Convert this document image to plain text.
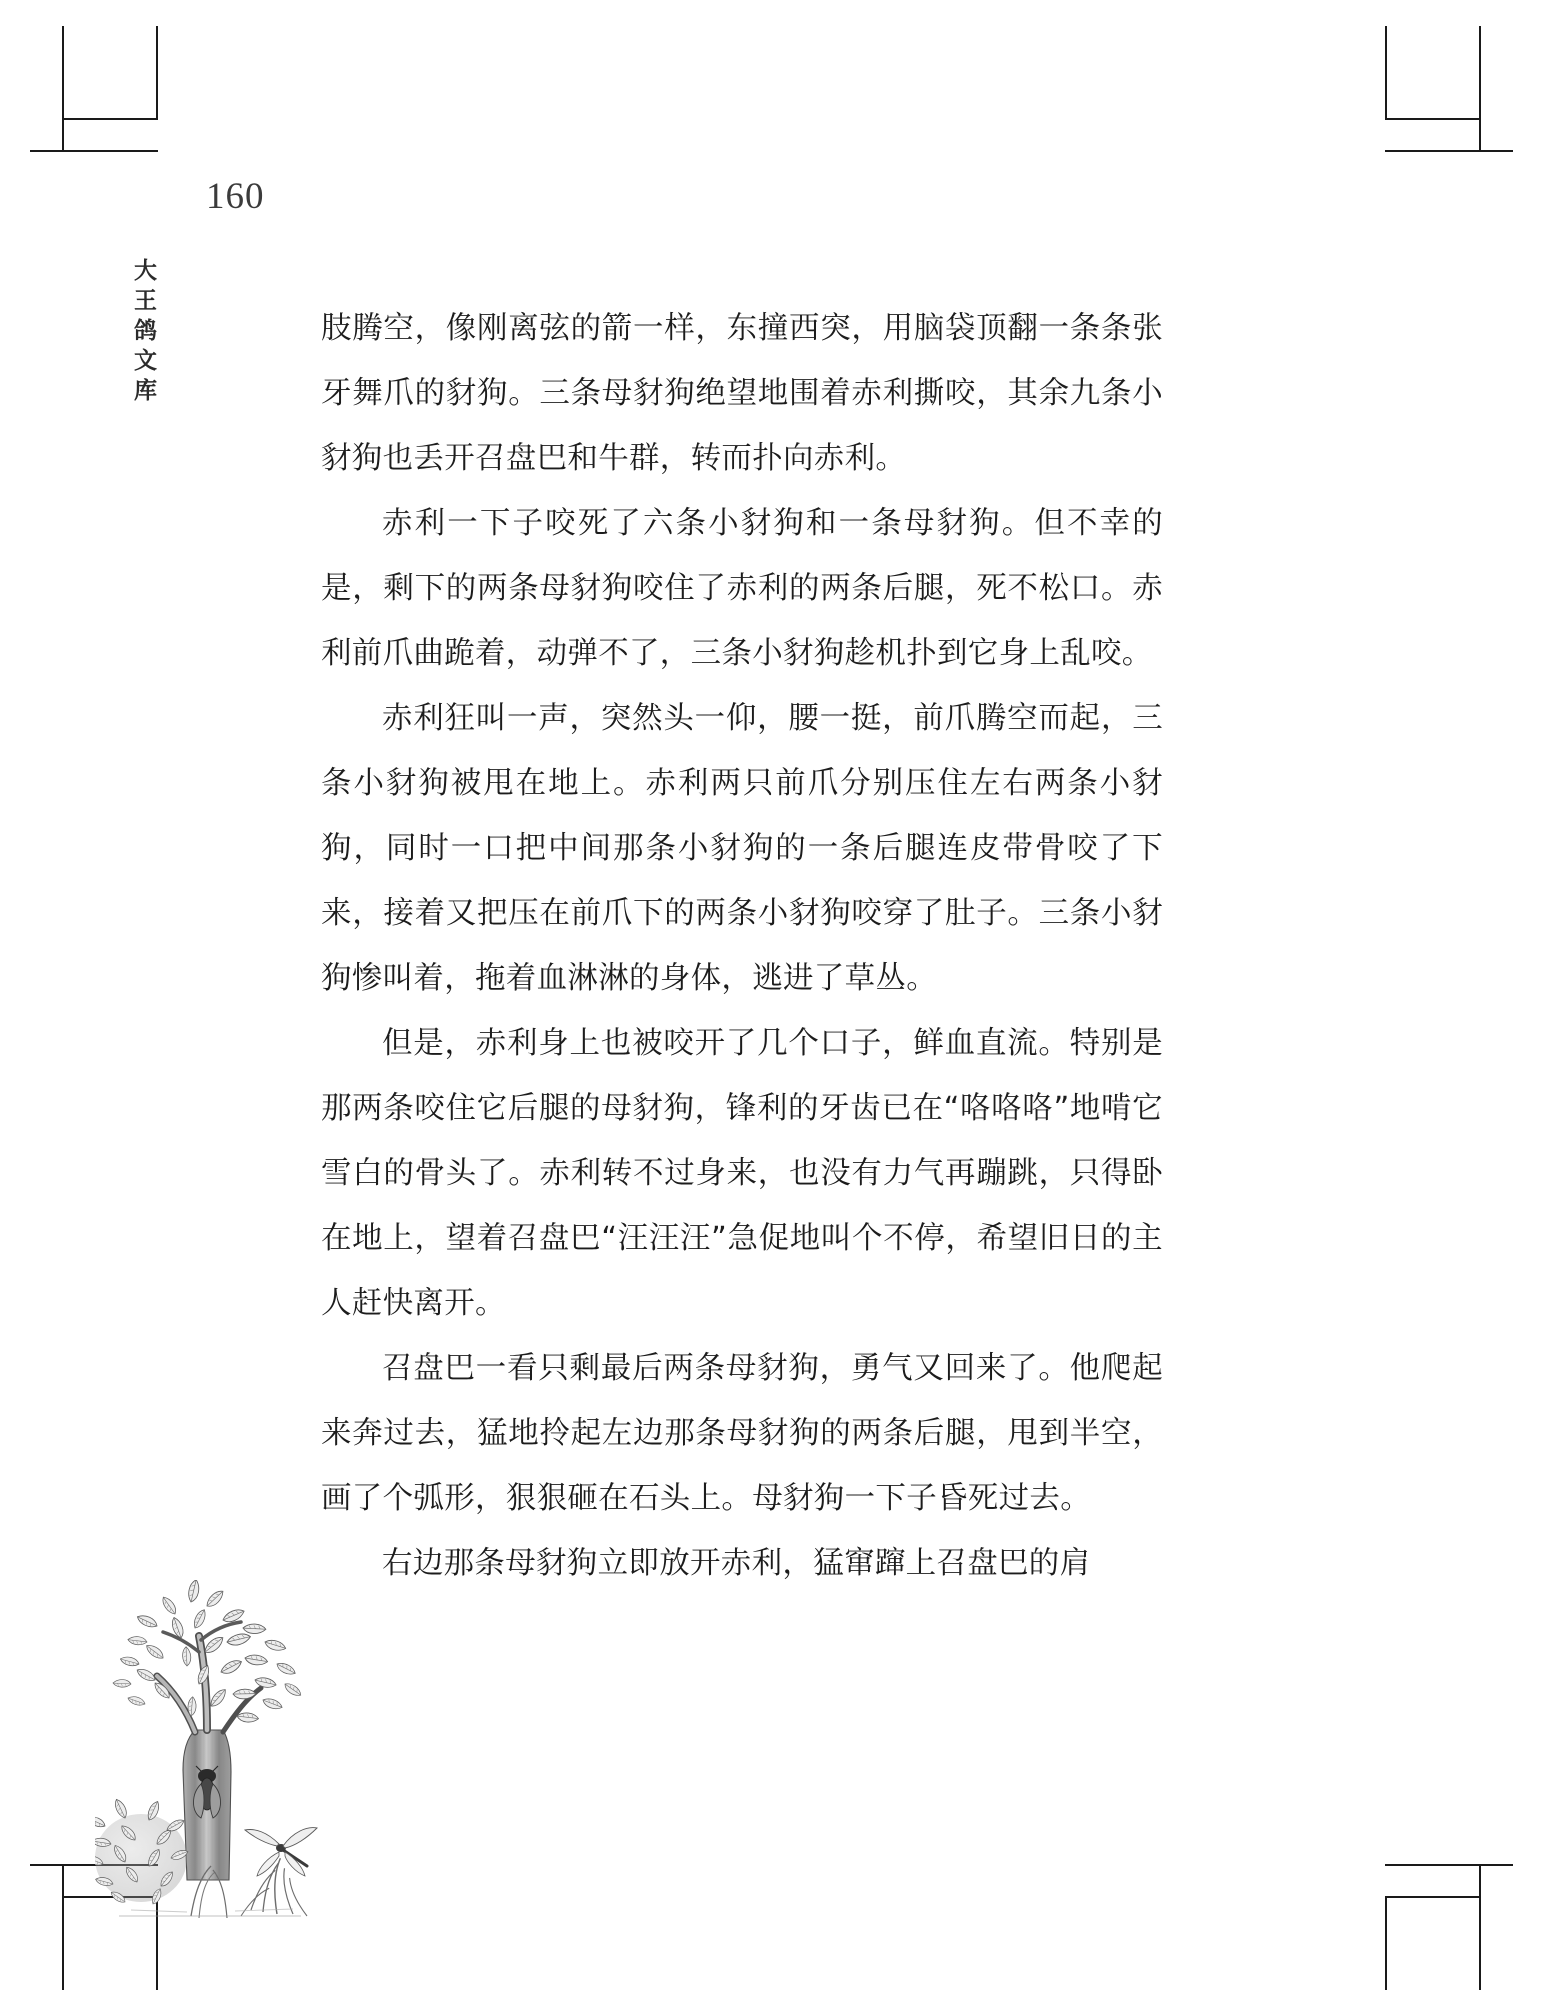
160
大王鸽文库	肢腾空，像刚离弦的箭一样，东撞西突，用脑袋顶翻一条条张牙舞爪的豺狗。三条母豺狗绝望地围着赤利撕咬，其余九条小豺狗也丢开召盘巴和牛群，转而扑向赤利。

赤利一下子咬死了六条小豺狗和一条母豺狗。但不幸的是，剩下的两条母豺狗咬住了赤利的两条后腿，死不松口。赤利前爪曲跪着，动弹不了，三条小豺狗趁机扑到它身上乱咬。

赤利狂叫一声，突然头一仰，腰一挺，前爪腾空而起，三条小豺狗被甩在地上。赤利两只前爪分别压住左右两条小豺狗，同时一口把中间那条小豺狗的一条后腿连皮带骨咬了下来，接着又把压在前爪下的两条小豺狗咬穿了肚子。三条小豺狗惨叫着，拖着血淋淋的身体，逃进了草丛。

但是，赤利身上也被咬开了几个口子，鲜血直流。特别是那两条咬住它后腿的母豺狗，锋利的牙齿已在“咯咯咯”地啃它雪白的骨头了。赤利转不过身来，也没有力气再蹦跳，只得卧在地上，望着召盘巴“汪汪汪”急促地叫个不停，希望旧日的主人赶快离开。

召盘巴一看只剩最后两条母豺狗，勇气又回来了。他爬起来奔过去，猛地拎起左边那条母豺狗的两条后腿，甩到半空，画了个弧形，狠狠砸在石头上。母豺狗一下子昏死过去。

右边那条母豺狗立即放开赤利，猛窜蹿上召盘巴的肩
